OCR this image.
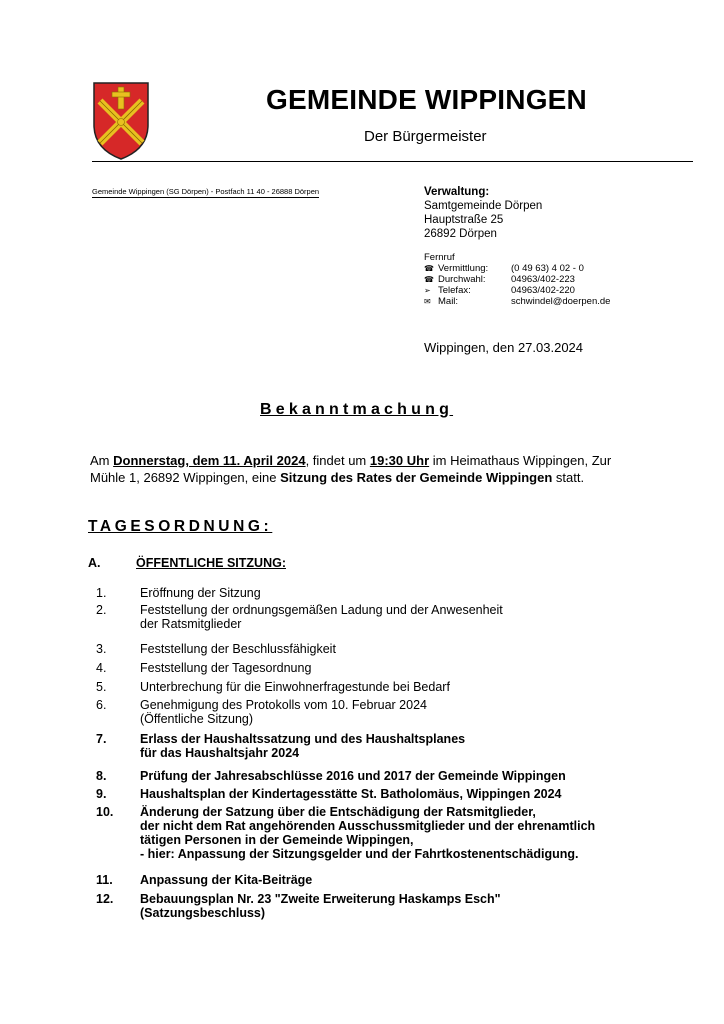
GEMEINDE WIPPINGEN
Der Bürgermeister
Gemeinde Wippingen (SG Dörpen) - Postfach 11 40 - 26888 Dörpen	Verwaltung:
Samtgemeinde Dörpen
Hauptstraße 25
26892 Dörpen
Fernruf
☎ Vermittlung:	(0 49 63) 4 02 - 0
☎ Durchwahl:	04963/402-223
➢ Telefax:	04963/402-220
✉ Mail:	schwindel@doerpen.de
Wippingen, den 27.03.2024
Bekanntmachung
Am Donnerstag, dem 11. April 2024, findet um 19:30 Uhr im Heimathaus Wippingen, Zur Mühle 1, 26892 Wippingen, eine Sitzung des Rates der Gemeinde Wippingen statt.
TAGESORDNUNG:
A.	ÖFFENTLICHE SITZUNG:
1.	Eröffnung der Sitzung
2.	Feststellung der ordnungsgemäßen Ladung und der Anwesenheit
der Ratsmitglieder
3.	Feststellung der Beschlussfähigkeit
4.	Feststellung der Tagesordnung
5.	Unterbrechung für die Einwohnerfragestunde bei Bedarf
6.	Genehmigung des Protokolls vom 10. Februar 2024
(Öffentliche Sitzung)
7.	Erlass der Haushaltssatzung und des Haushaltsplanes
für das Haushaltsjahr 2024
8.	Prüfung der Jahresabschlüsse 2016 und 2017 der Gemeinde Wippingen
9.	Haushaltsplan der Kindertagesstätte St. Batholomäus, Wippingen 2024
10. Änderung der Satzung über die Entschädigung der Ratsmitglieder,
der nicht dem Rat angehörenden Ausschussmitglieder und der ehrenamtlich
tätigen Personen in der Gemeinde Wippingen,
- hier: Anpassung der Sitzungsgelder und der Fahrtkostenentschädigung.
11. Anpassung der Kita-Beiträge
12. Bebauungsplan Nr. 23 "Zweite Erweiterung Haskamps Esch"
(Satzungsbeschluss)
